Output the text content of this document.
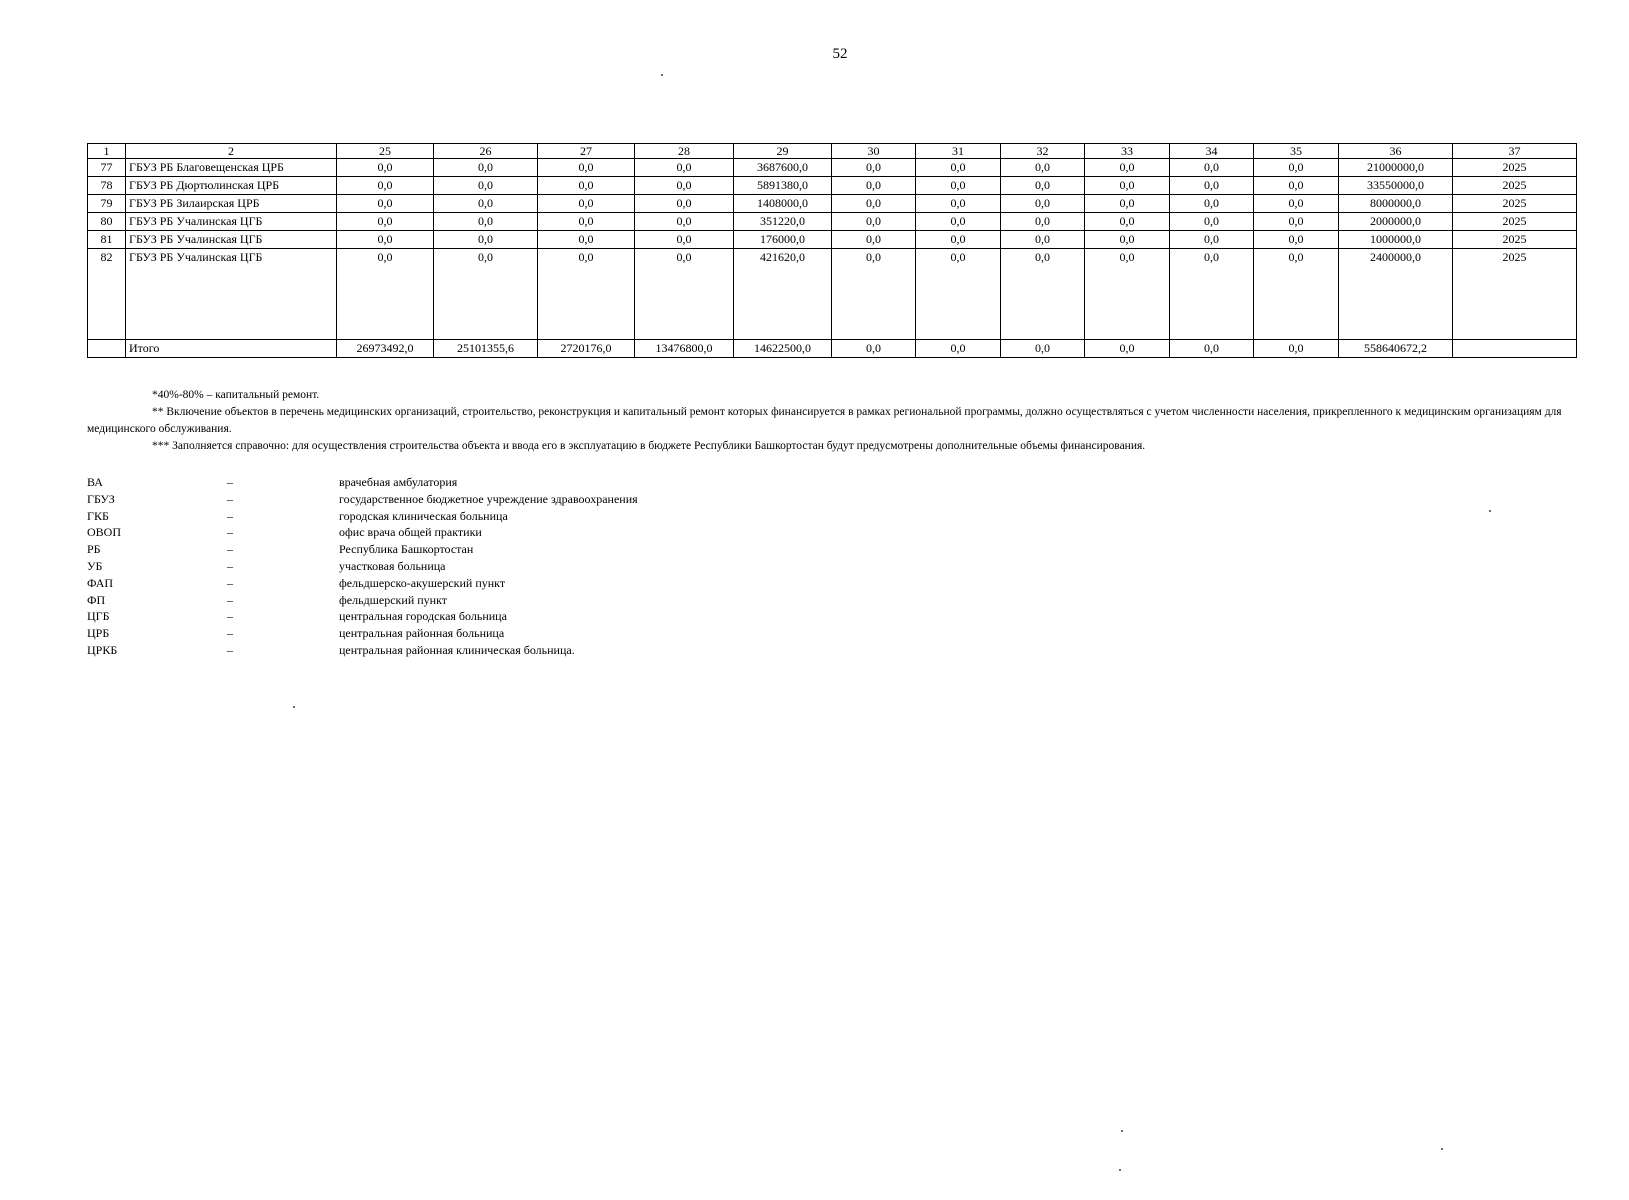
52
1	2	25	26	27	28	29	30	31	32	33	34	35	36	37
77	ГБУЗ РБ Благовещенская ЦРБ	0,0	0,0	0,0	0,0	3687600,0	0,0	0,0	0,0	0,0	0,0	0,0	21000000,0	2025
78	ГБУЗ РБ Дюртюлинская ЦРБ	0,0	0,0	0,0	0,0	5891380,0	0,0	0,0	0,0	0,0	0,0	0,0	33550000,0	2025
79	ГБУЗ РБ Зилаирская ЦРБ	0,0	0,0	0,0	0,0	1408000,0	0,0	0,0	0,0	0,0	0,0	0,0	8000000,0	2025
80	ГБУЗ РБ Учалинская ЦГБ	0,0	0,0	0,0	0,0	351220,0	0,0	0,0	0,0	0,0	0,0	0,0	2000000,0	2025
81	ГБУЗ РБ Учалинская ЦГБ	0,0	0,0	0,0	0,0	176000,0	0,0	0,0	0,0	0,0	0,0	0,0	1000000,0	2025
82	ГБУЗ РБ Учалинская ЦГБ	0,0	0,0	0,0	0,0	421620,0	0,0	0,0	0,0	0,0	0,0	0,0	2400000,0	2025
	Итого	26973492,0	25101355,6	2720176,0	13476800,0	14622500,0	0,0	0,0	0,0	0,0	0,0	0,0	558640672,2	

*40%-80% – капитальный ремонт.

** Включение объектов в перечень медицинских организаций, строительство, реконструкция и капитальный ремонт которых финансируется в рамках региональной программы, должно осуществляться с учетом численности населения, прикрепленного к медицинским организациям для медицинского обслуживания.

*** Заполняется справочно: для осуществления строительства объекта и ввода его в эксплуатацию в бюджете Республики Башкортостан будут предусмотрены дополнительные объемы финансирования.

ВА	–	врачебная амбулатория
ГБУЗ	–	государственное бюджетное учреждение здравоохранения
ГКБ	–	городская клиническая больница
ОВОП	–	офис врача общей практики
РБ	–	Республика Башкортостан
УБ	–	участковая больница
ФАП	–	фельдшерско-акушерский пункт
ФП	–	фельдшерский пункт
ЦГБ	–	центральная городская больница
ЦРБ	–	центральная районная больница
ЦРКБ	–	центральная районная клиническая больница.
